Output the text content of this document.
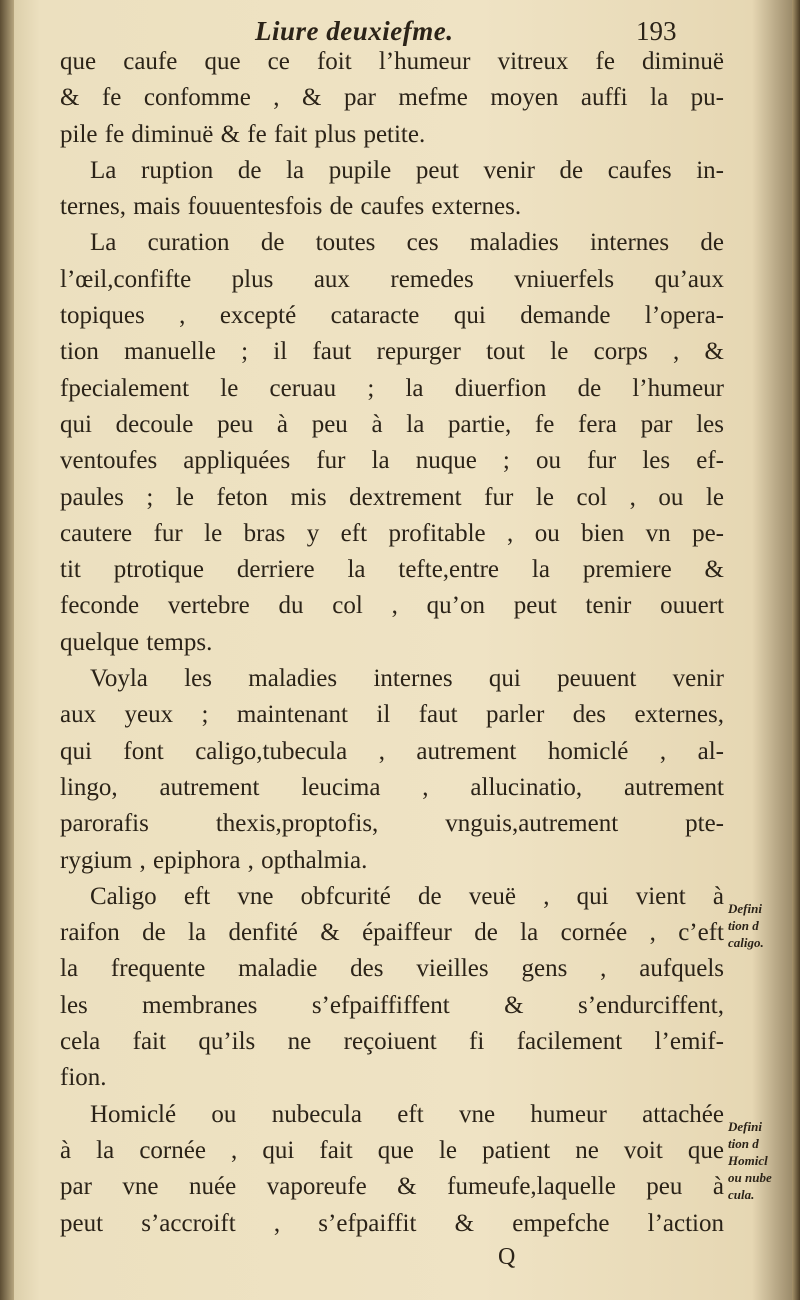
Liure deuxiefme.	193
que caufe que ce foit l’humeur vitreux fe diminuë
& fe confomme , & par mefme moyen auffi la pu-
pile fe diminuë & fe fait plus petite.
La ruption de la pupile peut venir de caufes in-
ternes, mais fouuentesfois de caufes externes.
La curation de toutes ces maladies internes de
l’œil,confifte plus aux remedes vniuerfels qu’aux
topiques , excepté cataracte qui demande l’opera-
tion manuelle ; il faut repurger tout le corps , &
fpecialement le ceruau ; la diuerfion de l’humeur
qui decoule peu à peu à la partie, fe fera par les
ventoufes appliquées fur la nuque ; ou fur les ef-
paules ; le feton mis dextrement fur le col , ou le
cautere fur le bras y eft profitable , ou bien vn pe-
tit ptrotique derriere la tefte,entre la premiere &
feconde vertebre du col , qu’on peut tenir ouuert
quelque temps.
Voyla les maladies internes qui peuuent venir
aux yeux ; maintenant il faut parler des externes,
qui font caligo,tubecula , autrement homiclé , al-
lingo, autrement leucima , allucinatio, autrement
parorafis thexis,proptofis, vnguis,autrement pte-
rygium , epiphora , opthalmia.
Caligo eft vne obfcurité de veuë , qui vient à
raifon de la denfité & épaiffeur de la cornée , c’eft
la frequente maladie des vieilles gens , aufquels
les membranes s’efpaiffiffent & s’endurciffent,
cela fait qu’ils ne reçoiuent fi facilement l’emif-
fion.
Homiclé ou nubecula eft vne humeur attachée
à la cornée , qui fait que le patient ne voit que
par vne nuée vaporeufe & fumeufe,laquelle peu à
peut s’accroift , s’efpaiffit & empefche l’action
Defini
tion d
caligo.
Defini
tion d
Homicl
ou nube
cula.
Q
